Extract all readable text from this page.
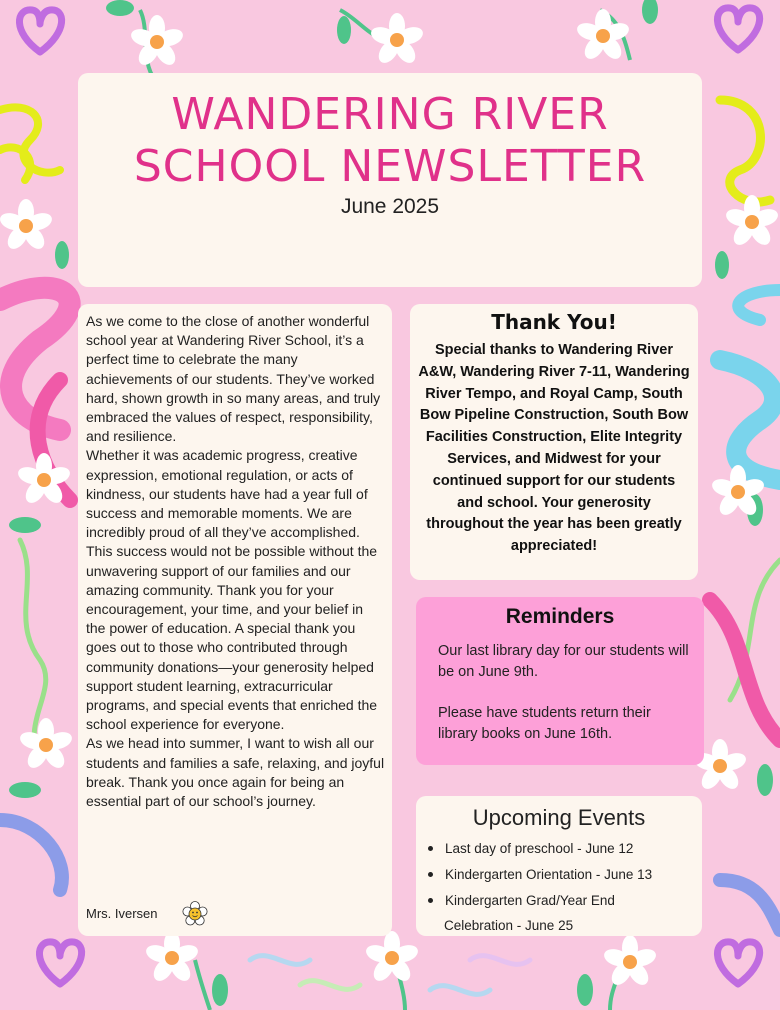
WANDERING RIVER SCHOOL NEWSLETTER
June 2025

As we come to the close of another wonderful school year at Wandering River School, it’s a perfect time to celebrate the many achievements of our students. They’ve worked hard, shown growth in so many areas, and truly embraced the values of respect, responsibility, and resilience.

Whether it was academic progress, creative expression, emotional regulation, or acts of kindness, our students have had a year full of success and memorable moments. We are incredibly proud of all they’ve accomplished.

This success would not be possible without the unwavering support of our families and our amazing community. Thank you for your encouragement, your time, and your belief in the power of education. A special thank you goes out to those who contributed through community donations—your generosity helped support student learning, extracurricular programs, and special events that enriched the school experience for everyone.

As we head into summer, I want to wish all our students and families a safe, relaxing, and joyful break. Thank you once again for being an essential part of our school’s journey.

Mrs. Iversen
Thank You!
Special thanks to Wandering River A&W, Wandering River 7-11, Wandering River Tempo, and Royal Camp, South Bow Pipeline Construction, South Bow Facilities Construction, Elite Integrity Services, and Midwest for your continued support for our students and school. Your generosity throughout the year has been greatly appreciated!
Reminders
Our last library day for our students will be on June 9th.
Please have students return their library books on June 16th.
Upcoming Events
Last day of preschool - June 12
Kindergarten Orientation - June 13
Kindergarten Grad/Year End
Celebration - June 25
